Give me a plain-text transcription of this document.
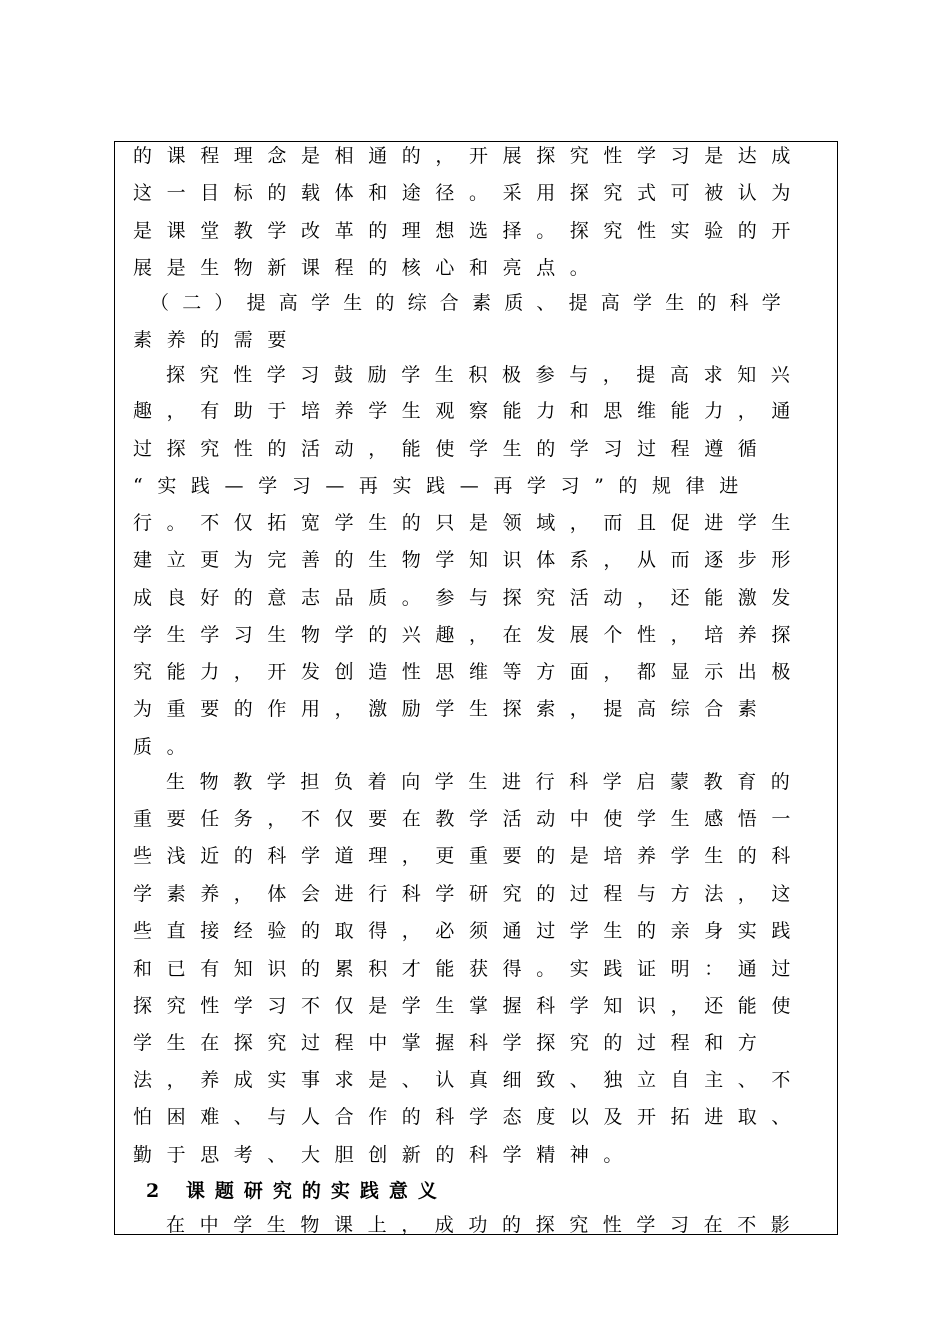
的课程理念是相通的，开展探究性学习是达成
这一目标的载体和途径。采用探究式可被认为
是课堂教学改革的理想选择。探究性实验的开
展是生物新课程的核心和亮点。
（二）提高学生的综合素质、提高学生的科学
素养的需要
探究性学习鼓励学生积极参与，提高求知兴
趣，有助于培养学生观察能力和思维能力，通
过探究性的活动，能使学生的学习过程遵循
“实践—学习—再实践—再学习”的规律进
行。不仅拓宽学生的只是领域，而且促进学生
建立更为完善的生物学知识体系，从而逐步形
成良好的意志品质。参与探究活动，还能激发
学生学习生物学的兴趣，在发展个性，培养探
究能力，开发创造性思维等方面，都显示出极
为重要的作用，激励学生探索，提高综合素
质。
生物教学担负着向学生进行科学启蒙教育的
重要任务，不仅要在教学活动中使学生感悟一
些浅近的科学道理，更重要的是培养学生的科
学素养，体会进行科学研究的过程与方法，这
些直接经验的取得，必须通过学生的亲身实践
和已有知识的累积才能获得。实践证明：通过
探究性学习不仅是学生掌握科学知识，还能使
学生在探究过程中掌握科学探究的过程和方
法，养成实事求是、认真细致、独立自主、不
怕困难、与人合作的科学态度以及开拓进取、
勤于思考、大胆创新的科学精神。
2 课题研究的实践意义
在中学生物课上，成功的探究性学习在不影
